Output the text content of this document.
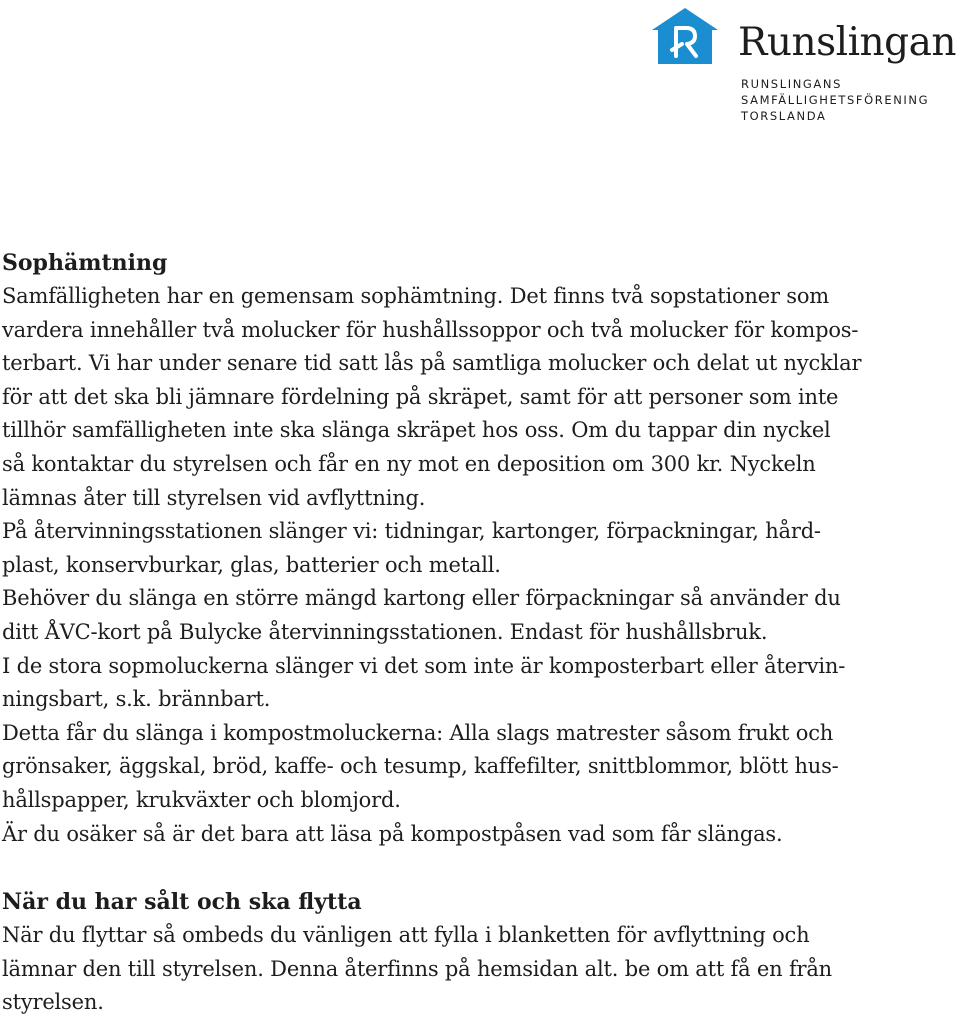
Runslingan
RUNSLINGANS
SAMFÄLLIGHETSFÖRENING
TORSLANDA
Sophämtning

Samfälligheten har en gemensam sophämtning. Det finns två sopstationer som
vardera innehåller två molucker för hushållssoppor och två molucker för kompos-
terbart. Vi har under senare tid satt lås på samtliga molucker och delat ut nycklar
för att det ska bli jämnare fördelning på skräpet, samt för att personer som inte
tillhör samfälligheten inte ska slänga skräpet hos oss. Om du tappar din nyckel
så kontaktar du styrelsen och får en ny mot en deposition om 300 kr. Nyckeln
lämnas åter till styrelsen vid avflyttning.
På återvinningsstationen slänger vi: tidningar, kartonger, förpackningar, hård-
plast, konservburkar, glas, batterier och metall.
Behöver du slänga en större mängd kartong eller förpackningar så använder du
ditt ÅVC-kort på Bulycke återvinningsstationen. Endast för hushållsbruk.
I de stora sopmoluckerna slänger vi det som inte är komposterbart eller återvin-
ningsbart, s.k. brännbart.
Detta får du slänga i kompostmoluckerna: Alla slags matrester såsom frukt och
grönsaker, äggskal, bröd, kaffe- och tesump, kaffefilter, snittblommor, blött hus-
hållspapper, krukväxter och blomjord.
Är du osäker så är det bara att läsa på kompostpåsen vad som får slängas.

När du har sålt och ska flytta

När du flyttar så ombeds du vänligen att fylla i blanketten för avflyttning och
lämnar den till styrelsen. Denna återfinns på hemsidan alt. be om att få en från
styrelsen.
